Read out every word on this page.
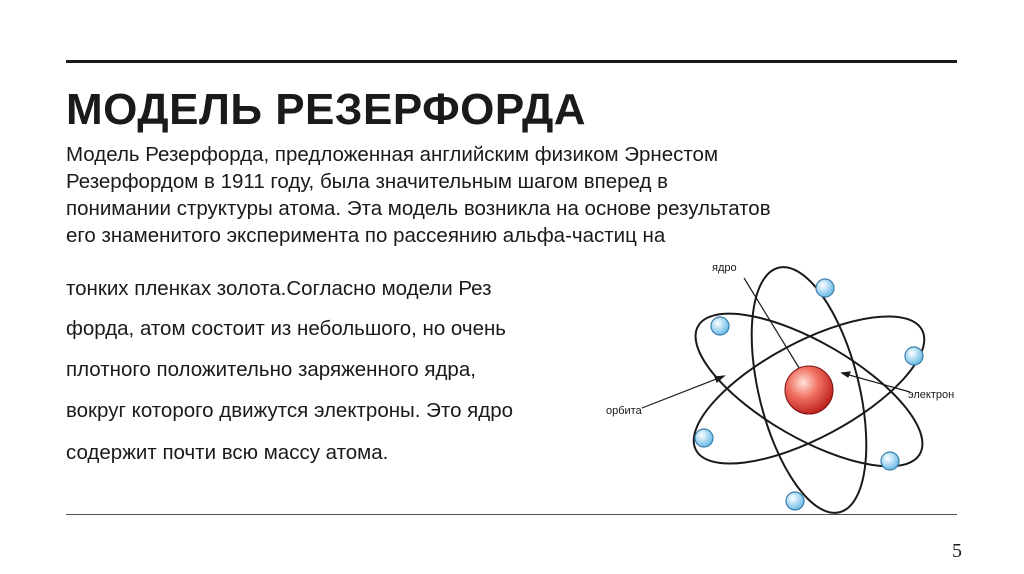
МОДЕЛЬ РЕЗЕРФОРДА
Модель Резерфорда, предложенная английским физиком Эрнестом
Резерфордом в 1911 году, была значительным шагом вперед в
понимании структуры атома. Эта модель возникла на основе результатов
его знаменитого эксперимента по рассеянию альфа-частиц на
тонких пленках золота.Согласно модели Рез
форда, атом состоит из небольшого, но очень
плотного положительно заряженного ядра,
вокруг которого движутся электроны. Это ядро
содержит почти всю массу атома.
ядро
электрон
орбита
5
